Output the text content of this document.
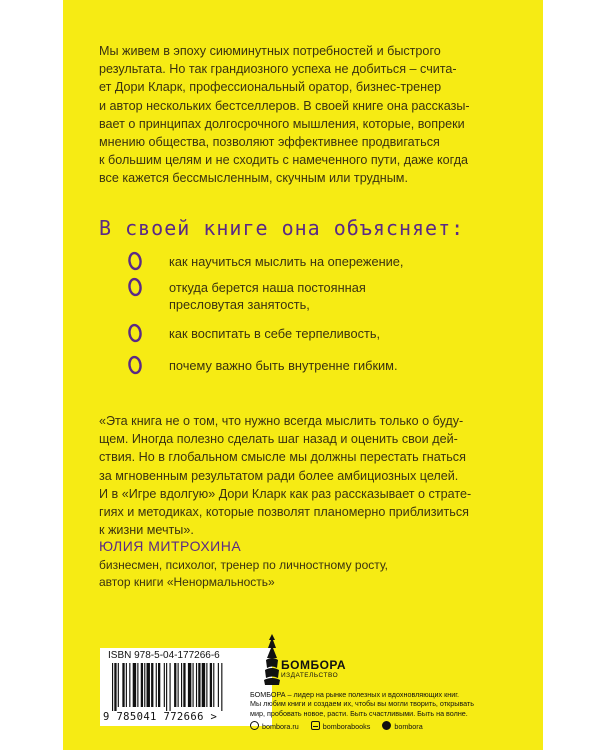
Мы живем в эпоху сиюминутных потребностей и быстрого
результата. Но так грандиозного успеха не добиться – счита-
ет Дори Кларк, профессиональный оратор, бизнес-тренер
и автор нескольких бестселлеров. В своей книге она рассказы-
вает о принципах долгосрочного мышления, которые, вопреки
мнению общества, позволяют эффективнее продвигаться
к большим целям и не сходить с намеченного пути, даже когда
все кажется бессмысленным, скучным или трудным.

В своей книге она объясняет:
как научиться мыслить на опережение,
откуда берется наша постоянная
пресловутая занятость,
как воспитать в себе терпеливость,
почему важно быть внутренне гибким.
«Эта книга не о том, что нужно всегда мыслить только о буду-
щем. Иногда полезно сделать шаг назад и оценить свои дей-
ствия. Но в глобальном смысле мы должны перестать гнаться
за мгновенным результатом ради более амбициозных целей.
И в «Игре вдолгую» Дори Кларк как раз рассказывает о страте-
гиях и методиках, которые позволят планомерно приблизиться
к жизни мечты».
ЮЛИЯ МИТРОХИНА
бизнесмен, психолог, тренер по личностному росту,
автор книги «Ненормальность»
ISBN 978-5-04-177266-6
9 785041 772666 >
БОМБОРА
ИЗДАТЕЛЬСТВО
БОМБОРА – лидер на рынке полезных и вдохновляющих книг.
Мы любим книги и создаем их, чтобы вы могли творить, открывать
мир, пробовать новое, расти. Быть счастливыми. Быть на волне.
bombora.ru	bomborabooks	bombora
